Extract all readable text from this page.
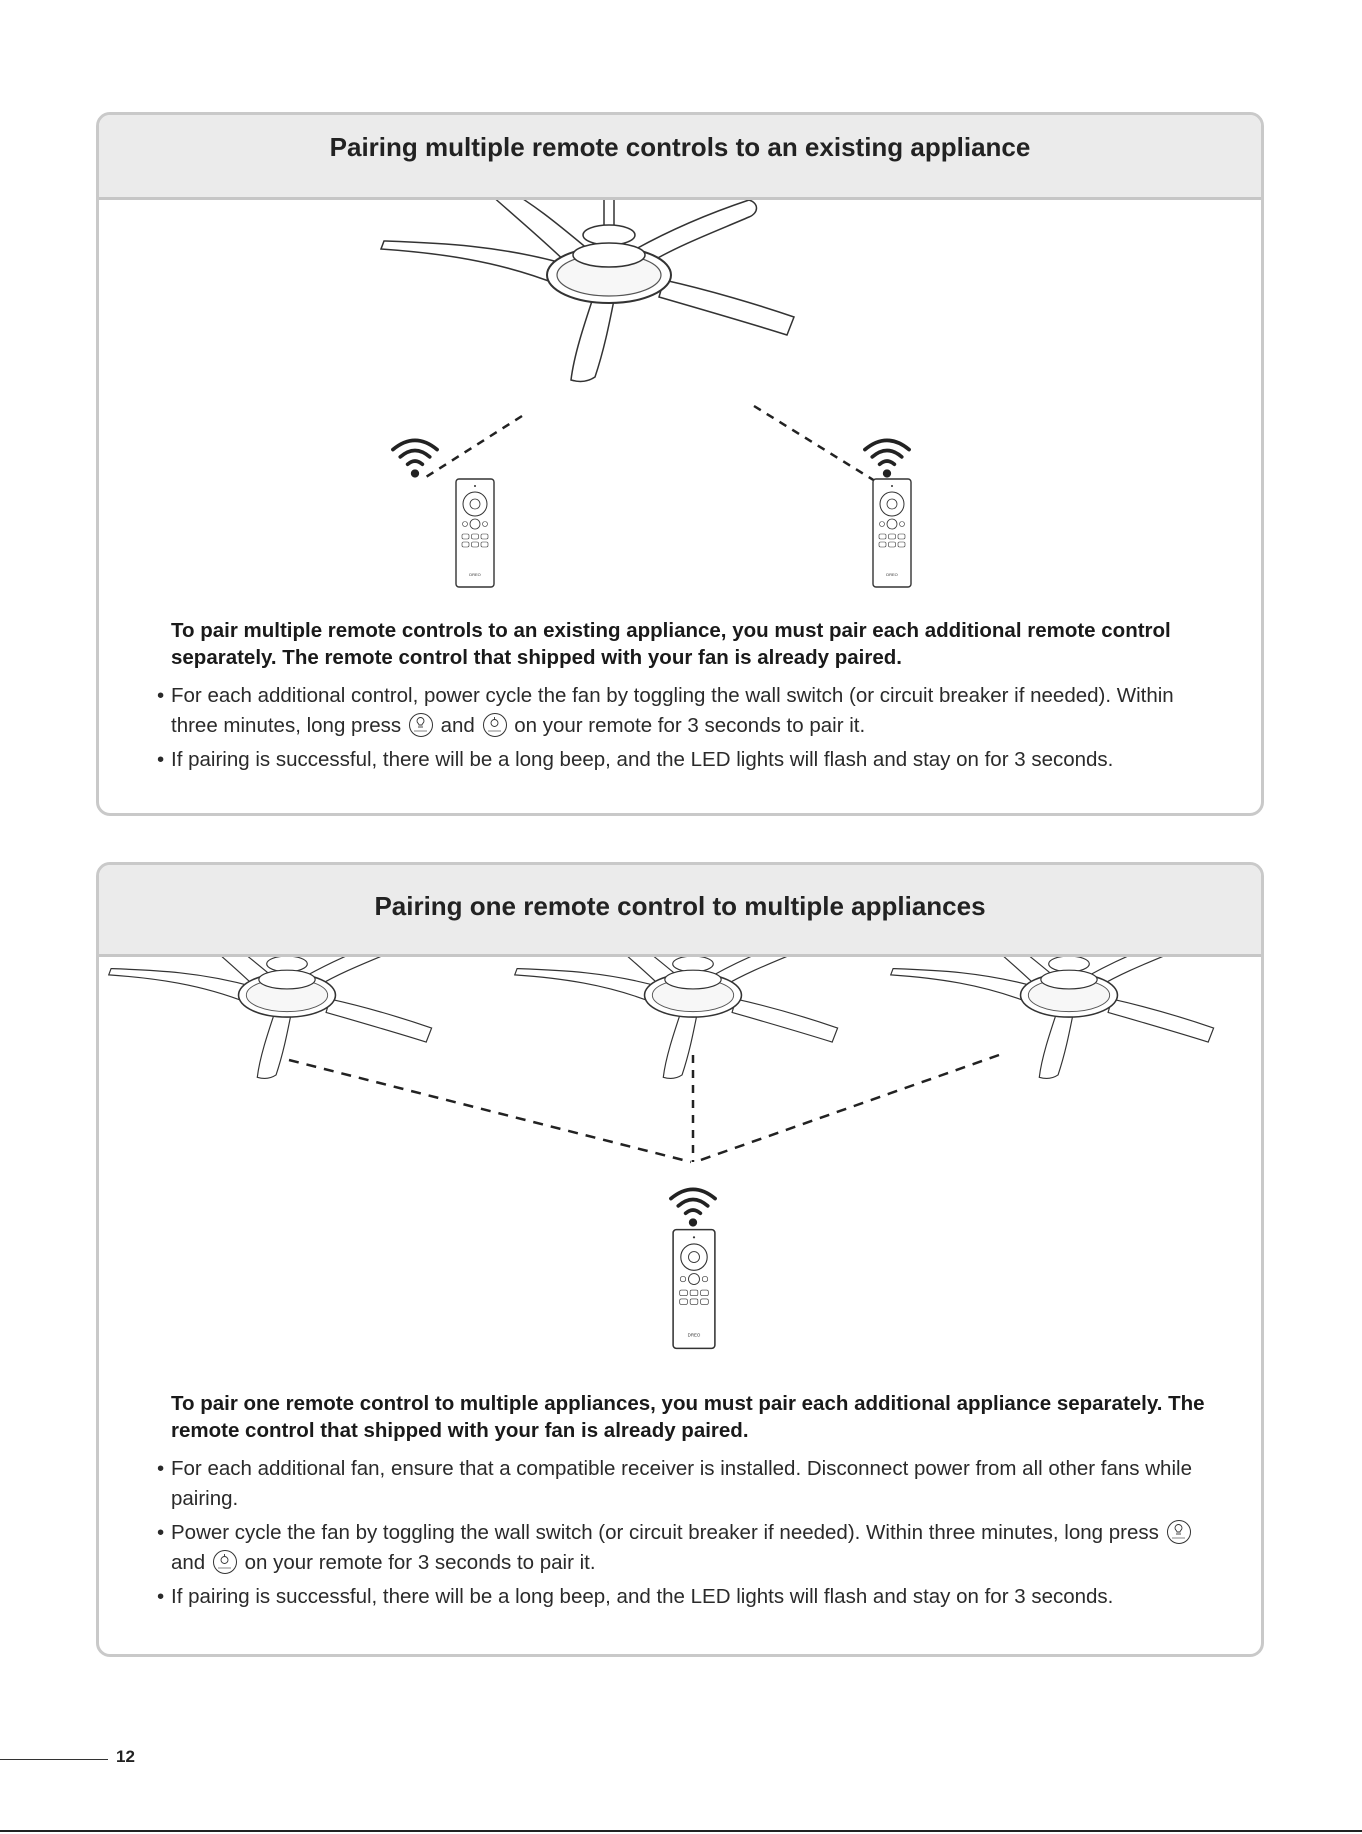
Pairing multiple remote controls to an existing appliance

To pair multiple remote controls to an existing appliance, you must pair each additional remote control separately. The remote control that shipped with your fan is already paired.

• For each additional control, power cycle the fan by toggling the wall switch (or circuit breaker if needed). Within three minutes, long press and on your remote for 3 seconds to pair it.
• If pairing is successful, there will be a long beep, and the LED lights will flash and stay on for 3 seconds.
Pairing one remote control to multiple appliances

To pair one remote control to multiple appliances, you must pair each additional appliance separately. The remote control that shipped with your fan is already paired.

• For each additional fan, ensure that a compatible receiver is installed. Disconnect power from all other fans while pairing.
• Power cycle the fan by toggling the wall switch (or circuit breaker if needed). Within three minutes, long press
and on your remote for 3 seconds to pair it.
• If pairing is successful, there will be a long beep, and the LED lights will flash and stay on for 3 seconds.
12
